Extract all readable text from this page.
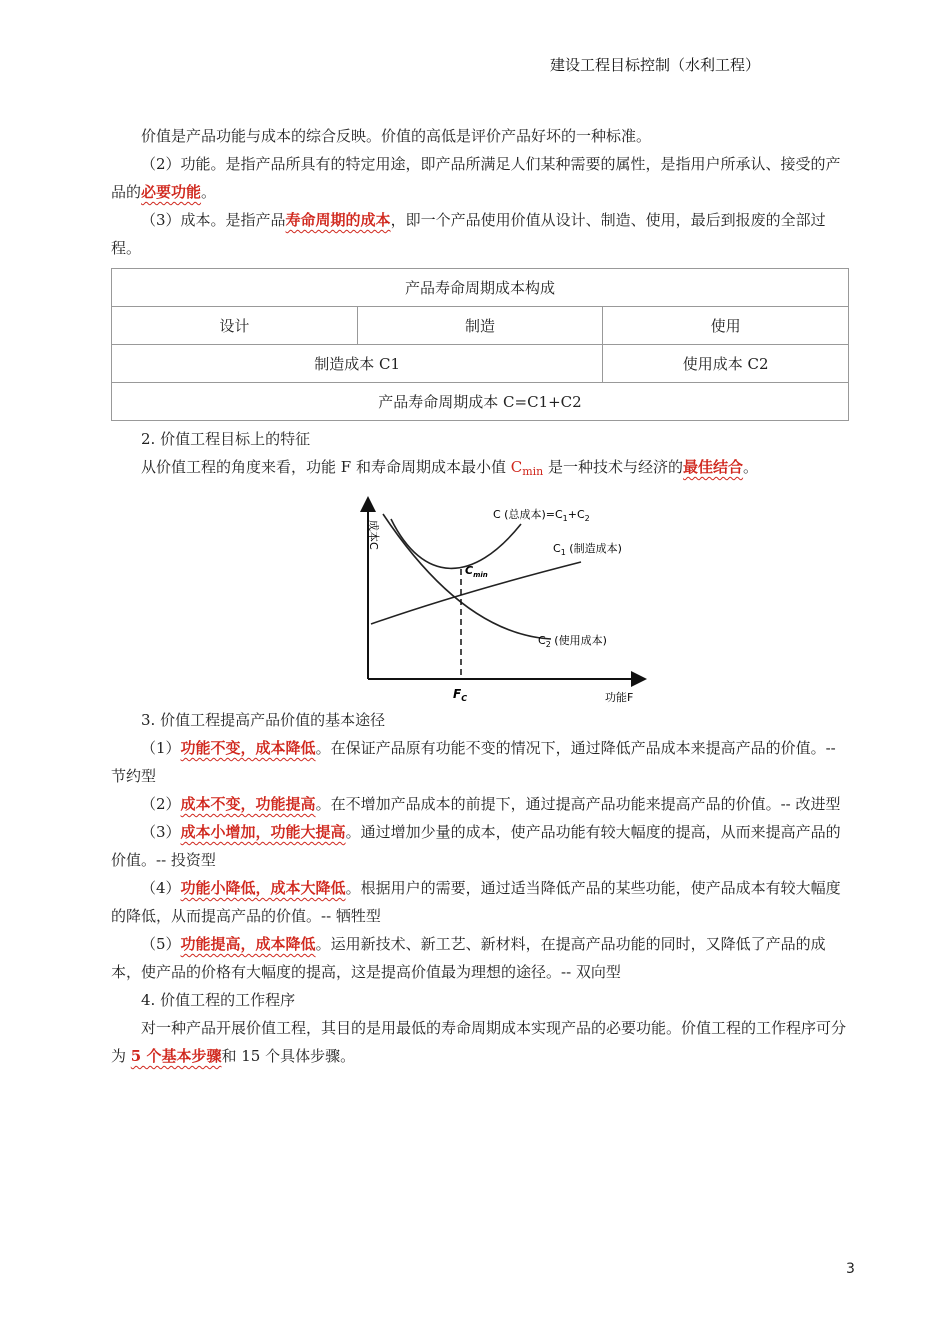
建设工程目标控制（水利工程）

价值是产品功能与成本的综合反映。价值的高低是评价产品好坏的一种标准。

（2）功能。是指产品所具有的特定用途，即产品所满足人们某种需要的属性，是指用户所承认、接受的产品的必要功能。

（3）成本。是指产品寿命周期的成本，即一个产品使用价值从设计、制造、使用，最后到报废的全部过程。

产品寿命周期成本构成		
设计	制造	使用
制造成本 C1		使用成本 C2
产品寿命周期成本 C=C1+C2		

2. 价值工程目标上的特征

从价值工程的角度来看，功能 F 和寿命周期成本最小值 $C_{min}$ 是一种技术与经济的最佳结合。

成本C
功能F
C (总成本)$=C_1+C_2$
$C_1$ (制造成本)
$C_2$ (使用成本)
$C_{min}$
$F_C$

3. 价值工程提高产品价值的基本途径

（1）功能不变，成本降低。在保证产品原有功能不变的情况下，通过降低产品成本来提高产品的价值。-- 节约型

（2）成本不变，功能提高。在不增加产品成本的前提下，通过提高产品功能来提高产品的价值。-- 改进型

（3）成本小增加，功能大提高。通过增加少量的成本，使产品功能有较大幅度的提高，从而来提高产品的价值。-- 投资型

（4）功能小降低，成本大降低。根据用户的需要，通过适当降低产品的某些功能，使产品成本有较大幅度的降低，从而提高产品的价值。-- 牺牲型

（5）功能提高，成本降低。运用新技术、新工艺、新材料，在提高产品功能的同时，又降低了产品的成本，使产品的价格有大幅度的提高，这是提高价值最为理想的途径。-- 双向型

4. 价值工程的工作程序

对一种产品开展价值工程，其目的是用最低的寿命周期成本实现产品的必要功能。价值工程的工作程序可分为 5 个基本步骤和 15 个具体步骤。

3
